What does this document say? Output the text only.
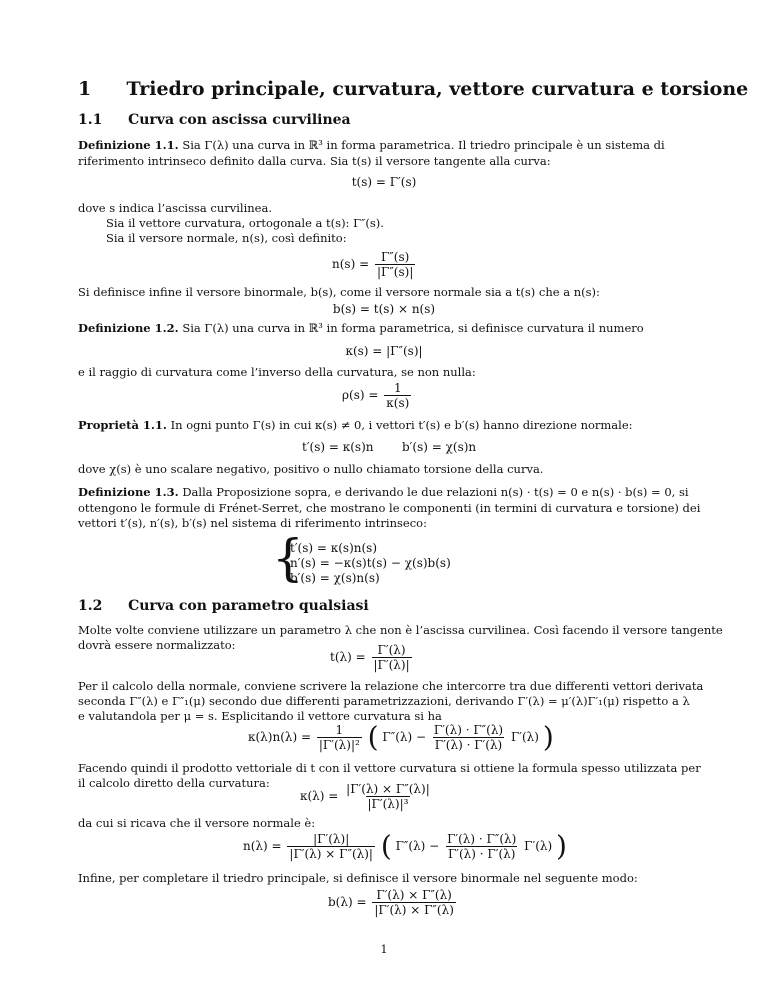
1 Triedro principale, curvatura, vettore curvatura e torsione
1.1 Curva con ascissa curvilinea
Definizione 1.1. Sia Γ(λ) una curva in ℝ³ in forma parametrica. Il triedro principale è un sistema di
riferimento intrinseco definito dalla curva. Sia t(s) il versore tangente alla curva:
t(s) = Γ′(s)
dove s indica l’ascissa curvilinea.
Sia il vettore curvatura, ortogonale a t(s): Γ″(s).
Sia il versore normale, n(s), così definito:
$n(s) = \frac{\Gamma''(s)}{|\Gamma''(s)|}$
Si definisce infine il versore binormale, b(s), come il versore normale sia a t(s) che a n(s):
b(s) = t(s) × n(s)
Definizione 1.2. Sia Γ(λ) una curva in ℝ³ in forma parametrica, si definisce curvatura il numero
κ(s) = |Γ″(s)|
e il raggio di curvatura come l’inverso della curvatura, se non nulla:
$\rho(s) = \frac{1}{\kappa(s)}$
Proprietà 1.1. In ogni punto Γ(s) in cui κ(s) ≠ 0, i vettori t′(s) e b′(s) hanno direzione normale:
t′(s) = κ(s)n b′(s) = χ(s)n
dove χ(s) è uno scalare negativo, positivo o nullo chiamato torsione della curva.
Definizione 1.3. Dalla Proposizione sopra, e derivando le due relazioni n(s) · t(s) = 0 e n(s) · b(s) = 0, si
ottengono le formule di Frénet-Serret, che mostrano le componenti (in termini di curvatura e torsione) dei
vettori t′(s), n′(s), b′(s) nel sistema di riferimento intrinseco:
{
t′(s) = κ(s)n(s)
n′(s) = −κ(s)t(s) − χ(s)b(s)
b′(s) = χ(s)n(s)
1.2 Curva con parametro qualsiasi
Molte volte conviene utilizzare un parametro λ che non è l’ascissa curvilinea. Così facendo il versore tangente
dovrà essere normalizzato:
$t(\lambda) = \frac{\Gamma'(\lambda)}{|\Gamma'(\lambda)|}$
Per il calcolo della normale, conviene scrivere la relazione che intercorre tra due differenti vettori derivata
seconda Γ″(λ) e Γ″₁(μ) secondo due differenti parametrizzazioni, derivando Γ′(λ) = μ′(λ)Γ′₁(μ) rispetto a λ
e valutandola per μ = s. Esplicitando il vettore curvatura si ha
$\kappa(\lambda)n(\lambda) = \frac{1}{\text{|Γ′(λ)|²}}$ ( $\Gamma''(\lambda) - \frac{\Gamma'(\lambda) \cdot \Gamma''(\lambda)}{\Gamma'(\lambda) \cdot \Gamma'(\lambda)} \Gamma'(\lambda)$ )
Facendo quindi il prodotto vettoriale di t con il vettore curvatura si ottiene la formula spesso utilizzata per
il calcolo diretto della curvatura:
$\kappa(\lambda) = \frac{|\Gamma'(\lambda) \times \Gamma''(\lambda)|}{\text{|Γ′(λ)|³}}$
da cui si ricava che il versore normale è:
$n(\lambda) = \frac{|\Gamma'(\lambda)|}{|\Gamma'(\lambda) \times \Gamma''(\lambda)|}$ ( $\Gamma''(\lambda) - \frac{\Gamma'(\lambda) \cdot \Gamma''(\lambda)}{\Gamma'(\lambda) \cdot \Gamma'(\lambda)} \Gamma'(\lambda)$ )
Infine, per completare il triedro principale, si definisce il versore binormale nel seguente modo:
$b(\lambda) = \frac{\Gamma'(\lambda) \times \Gamma''(\lambda)}{|\Gamma'(\lambda) \times \Gamma''(\lambda)}$
1
